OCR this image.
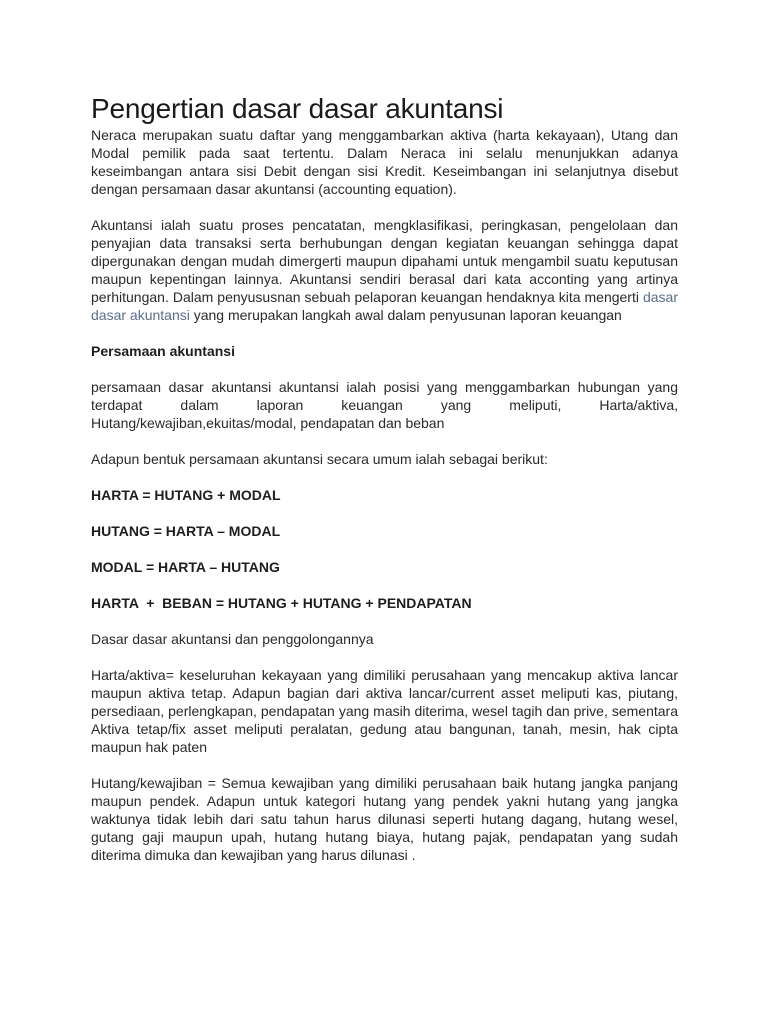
Pengertian dasar dasar akuntansi

Neraca merupakan suatu daftar yang menggambarkan aktiva (harta kekayaan), Utang dan Modal pemilik pada saat tertentu. Dalam Neraca ini selalu menunjukkan adanya keseimbangan antara sisi Debit dengan sisi Kredit. Keseimbangan ini selanjutnya disebut dengan persamaan dasar akuntansi (accounting equation).

Akuntansi ialah suatu proses pencatatan, mengklasifikasi, peringkasan, pengelolaan dan penyajian data transaksi serta berhubungan dengan kegiatan keuangan sehingga dapat dipergunakan dengan mudah dimergerti maupun dipahami untuk mengambil suatu keputusan maupun kepentingan lainnya. Akuntansi sendiri berasal dari kata acconting yang artinya perhitungan. Dalam penyususnan sebuah pelaporan keuangan hendaknya kita mengerti dasar dasar akuntansi yang merupakan langkah awal dalam penyusunan laporan keuangan

Persamaan akuntansi

persamaan dasar akuntansi akuntansi ialah posisi yang menggambarkan hubungan yang terdapat dalam laporan keuangan yang meliputi, Harta/aktiva, Hutang/kewajiban,ekuitas/modal, pendapatan dan beban

Adapun bentuk persamaan akuntansi secara umum ialah sebagai berikut:

HARTA = HUTANG + MODAL

HUTANG = HARTA – MODAL

MODAL = HARTA – HUTANG

HARTA  +  BEBAN = HUTANG + HUTANG + PENDAPATAN

Dasar dasar akuntansi dan penggolongannya

Harta/aktiva= keseluruhan kekayaan yang dimiliki perusahaan yang mencakup aktiva lancar maupun aktiva tetap. Adapun bagian dari aktiva lancar/current asset meliputi kas, piutang, persediaan, perlengkapan, pendapatan yang masih diterima, wesel tagih dan prive, sementara Aktiva tetap/fix asset meliputi peralatan, gedung atau bangunan, tanah, mesin, hak cipta maupun hak paten

Hutang/kewajiban = Semua kewajiban yang dimiliki perusahaan baik hutang jangka panjang maupun pendek. Adapun untuk kategori hutang yang pendek yakni hutang yang jangka waktunya tidak lebih dari satu tahun harus dilunasi seperti hutang dagang, hutang wesel, gutang gaji maupun upah, hutang hutang biaya, hutang pajak, pendapatan yang sudah diterima dimuka dan kewajiban yang harus dilunasi .
